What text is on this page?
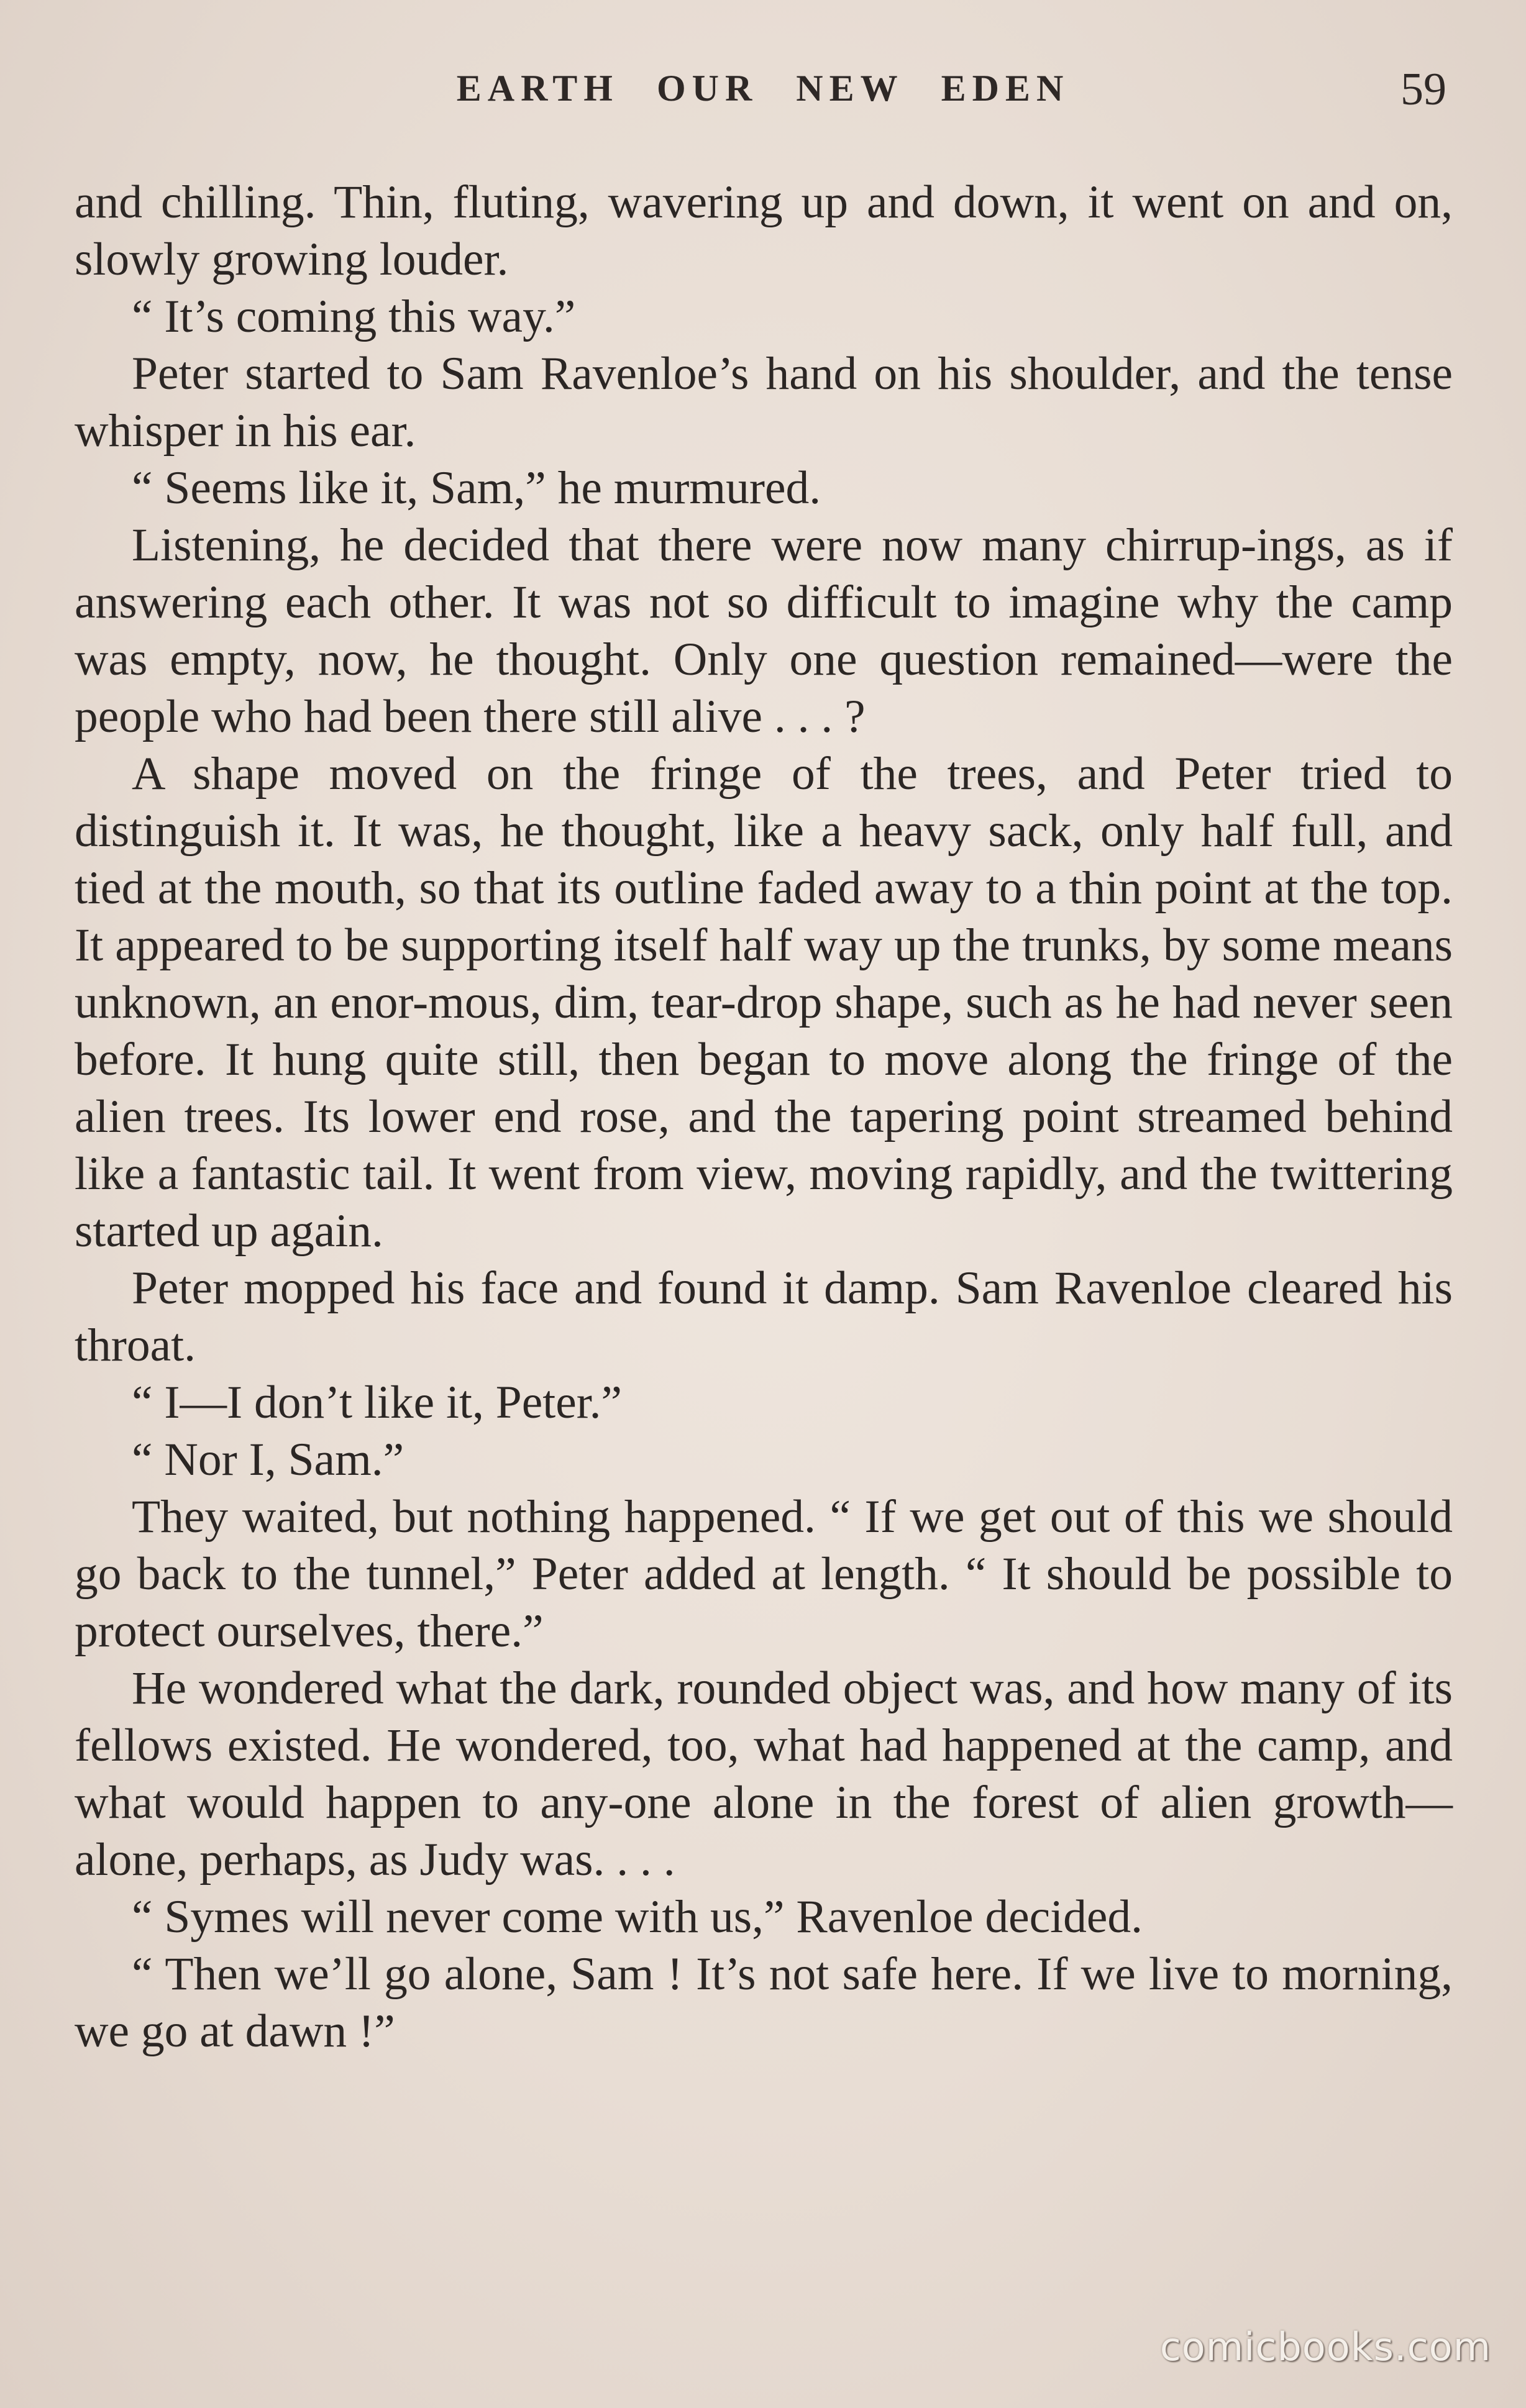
EARTH OUR NEW EDEN	59

and chilling. Thin, fluting, wavering up and down, it went on and on, slowly growing louder.

“ It’s coming this way.”

Peter started to Sam Ravenloe’s hand on his shoulder, and the tense whisper in his ear.

“ Seems like it, Sam,” he murmured.

Listening, he decided that there were now many chirrup-ings, as if answering each other. It was not so difficult to imagine why the camp was empty, now, he thought. Only one question remained—were the people who had been there still alive . . . ?

A shape moved on the fringe of the trees, and Peter tried to distinguish it. It was, he thought, like a heavy sack, only half full, and tied at the mouth, so that its outline faded away to a thin point at the top. It appeared to be supporting itself half way up the trunks, by some means unknown, an enor-mous, dim, tear-drop shape, such as he had never seen before. It hung quite still, then began to move along the fringe of the alien trees. Its lower end rose, and the tapering point streamed behind like a fantastic tail. It went from view, moving rapidly, and the twittering started up again.

Peter mopped his face and found it damp. Sam Ravenloe cleared his throat.

“ I—I don’t like it, Peter.”

“ Nor I, Sam.”

They waited, but nothing happened. “ If we get out of this we should go back to the tunnel,” Peter added at length. “ It should be possible to protect ourselves, there.”

He wondered what the dark, rounded object was, and how many of its fellows existed. He wondered, too, what had happened at the camp, and what would happen to any-one alone in the forest of alien growth—alone, perhaps, as Judy was. . . .

“ Symes will never come with us,” Ravenloe decided.

“ Then we’ll go alone, Sam ! It’s not safe here. If we live to morning, we go at dawn !”

comicbooks.com
